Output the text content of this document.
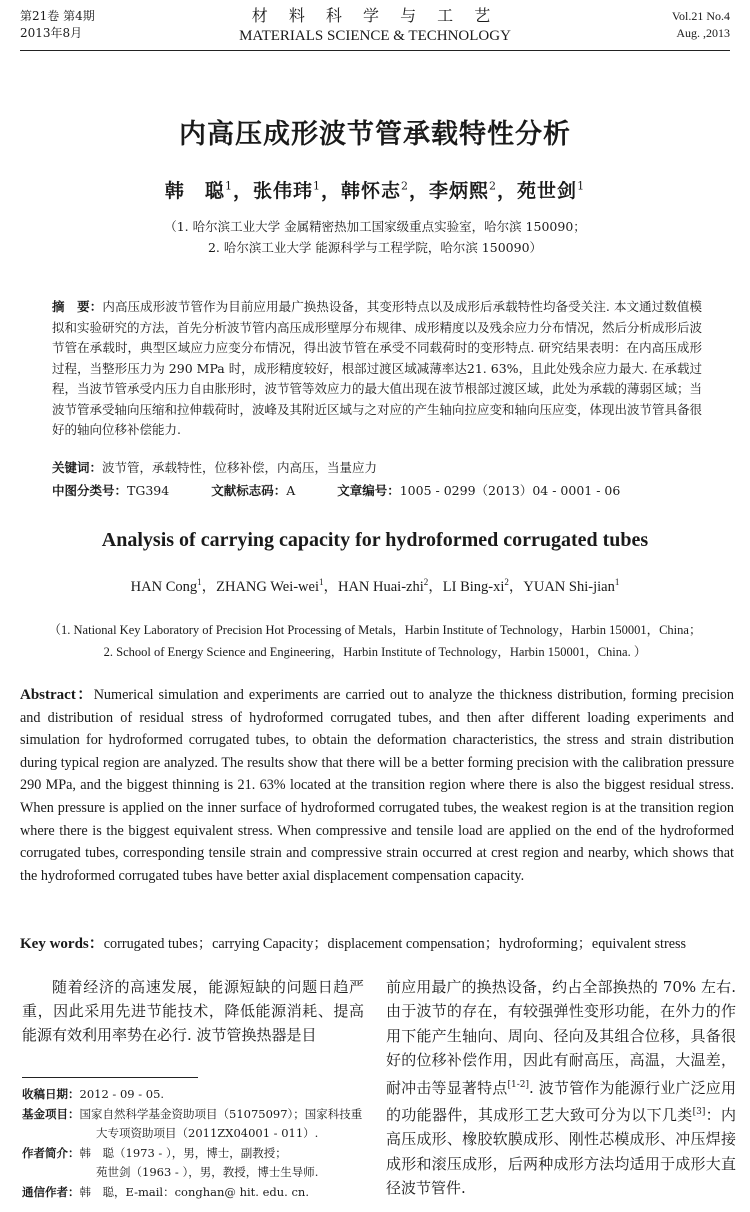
第21卷 第4期
2013年8月
材 料 科 学 与 工 艺
MATERIALS SCIENCE & TECHNOLOGY
Vol.21 No.4
Aug. ,2013
内高压成形波节管承载特性分析
韩　聪$^1$，张伟玮$^1$，韩怀志$^2$，李炳熙$^2$，苑世剑$^1$
（1. 哈尔滨工业大学 金属精密热加工国家级重点实验室，哈尔滨 150090；
2. 哈尔滨工业大学 能源科学与工程学院，哈尔滨 150090）
摘　要：内高压成形波节管作为目前应用最广换热设备，其变形特点以及成形后承载特性均备受关注. 本文通过数值模拟和实验研究的方法，首先分析波节管内高压成形壁厚分布规律、成形精度以及残余应力分布情况，然后分析成形后波节管在承载时，典型区域应力应变分布情况，得出波节管在承受不同载荷时的变形特点. 研究结果表明：在内高压成形过程，当整形压力为 290 MPa 时，成形精度较好，根部过渡区域减薄率达21. 63%，且此处残余应力最大. 在承载过程，当波节管承受内压力自由胀形时，波节管等效应力的最大值出现在波节根部过渡区域，此处为承载的薄弱区域；当波节管承受轴向压缩和拉伸载荷时，波峰及其附近区域与之对应的产生轴向拉应变和轴向压应变，体现出波节管具备很好的轴向位移补偿能力.
关键词：波节管，承载特性，位移补偿，内高压，当量应力
中图分类号：TG394	文献标志码：A	文章编号：1005 - 0299（2013）04 - 0001 - 06
Analysis of carrying capacity for hydroformed corrugated tubes
HAN Cong$^1$，ZHANG Wei-wei$^1$，HAN Huai-zhi$^2$，LI Bing-$xi^2$，YUAN Shi-jian$^1$
（1. National Key Laboratory of Precision Hot Processing of Metals，Harbin Institute of Technology，Harbin 150001，China；
2. School of Energy Science and Engineering，Harbin Institute of Technology，Harbin 150001，China. ）
Abstract：Numerical simulation and experiments are carried out to analyze the thickness distribution, forming precision and distribution of residual stress of hydroformed corrugated tubes, and then after different loading experiments and simulation for hydroformed corrugated tubes, to obtain the deformation characteristics, the stress and strain distribution during typical region are analyzed. The results show that there will be a better forming precision with the calibration pressure 290 MPa, and the biggest thinning is 21. 63% located at the transition region where there is also the biggest residual stress. When pressure is applied on the inner surface of hydroformed corrugated tubes, the weakest region is at the transition region where there is the biggest equivalent stress. When compressive and tensile load are applied on the end of the hydroformed corrugated tubes, corresponding tensile strain and compressive strain occurred at crest region and nearby, which shows that the hydroformed corrugated tubes have better axial displacement compensation capacity.
Key words：corrugated tubes；carrying Capacity；displacement compensation；hydroforming；equivalent stress
随着经济的高速发展，能源短缺的问题日趋严重，因此采用先进节能技术，降低能源消耗、提高能源有效利用率势在必行. 波节管换热器是目
前应用最广的换热设备，约占全部换热的 70% 左右. 由于波节的存在，有较强弹性变形功能，在外力的作用下能产生轴向、周向、径向及其组合位移，具备很好的位移补偿作用，因此有耐高压，高温，大温差，耐冲击等显著特点[1-2]. 波节管作为能源行业广泛应用的功能器件，其成形工艺大致可分为以下几类[3]：内高压成形、橡胶软膜成形、刚性芯模成形、冲压焊接成形和滚压成形，后两种成形方法均适用于成形大直径波节管件.
收稿日期：2012 - 09 - 05.
基金项目：国家自然科学基金资助项目（51075097）；国家科技重
大专项资助项目（2011ZX04001 - 011）.
作者简介：韩　聪（1973 - ），男，博士，副教授；
苑世剑（1963 - ），男，教授，博士生导师.
通信作者：韩　聪，E-mail：conghan@ hit. edu. cn.
